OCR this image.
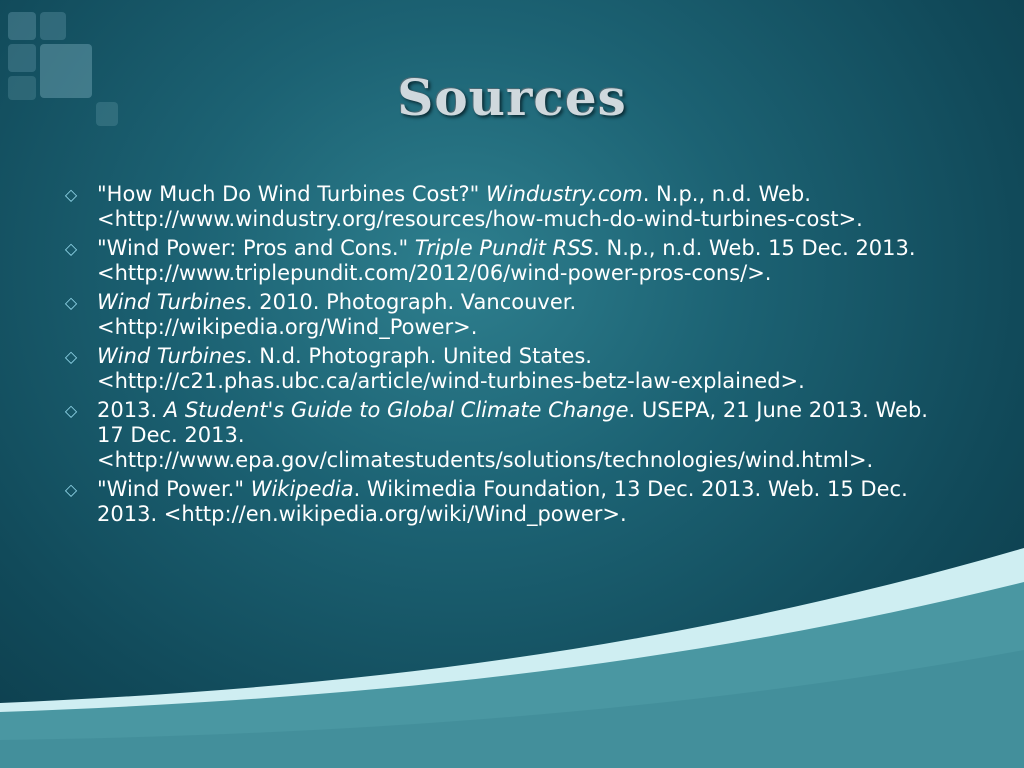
Sources
◇ "How Much Do Wind Turbines Cost?" Windustry.com. N.p., n.d. Web. <http://www.windustry.org/resources/how-much-do-wind-turbines-cost>.
◇ "Wind Power: Pros and Cons." Triple Pundit RSS. N.p., n.d. Web. 15 Dec. 2013. <http://www.triplepundit.com/2012/06/wind-power-pros-cons/>.
◇ Wind Turbines. 2010. Photograph. Vancouver. <http://wikipedia.org/Wind_Power>.
◇ Wind Turbines. N.d. Photograph. United States. <http://c21.phas.ubc.ca/article/wind-turbines-betz-law-explained>.
◇ 2013. A Student's Guide to Global Climate Change. USEPA, 21 June 2013. Web. 17 Dec. 2013. <http://www.epa.gov/climatestudents/solutions/technologies/wind.html>.
◇ "Wind Power." Wikipedia. Wikimedia Foundation, 13 Dec. 2013. Web. 15 Dec. 2013. <http://en.wikipedia.org/wiki/Wind_power>.
